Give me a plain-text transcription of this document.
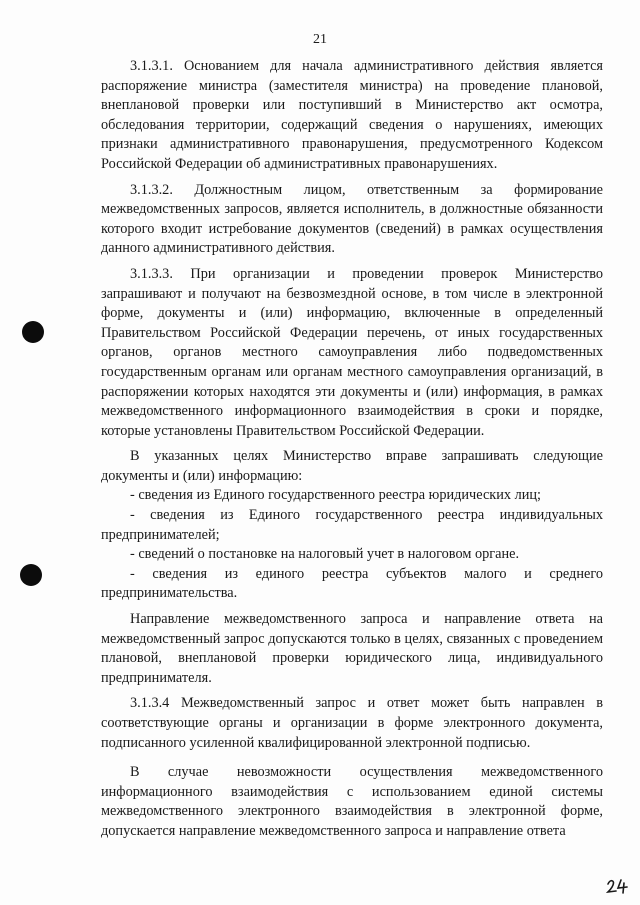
21

3.1.3.1. Основанием для начала административного действия является распоряжение министра (заместителя министра) на проведение плановой, внеплановой проверки или поступивший в Министерство акт осмотра, обследования территории, содержащий сведения о нарушениях, имеющих признаки административного правонарушения, предусмотренного Кодексом Российской Федерации об административных правонарушениях.

3.1.3.2. Должностным лицом, ответственным за формирование межведомственных запросов, является исполнитель, в должностные обязанности которого входит истребование документов (сведений) в рамках осуществления данного административного действия.

3.1.3.3. При организации и проведении проверок Министерство запрашивают и получают на безвозмездной основе, в том числе в электронной форме, документы и (или) информацию, включенные в определенный Правительством Российской Федерации перечень, от иных государственных органов, органов местного самоуправления либо подведомственных государственным органам или органам местного самоуправления организаций, в распоряжении которых находятся эти документы и (или) информация, в рамках межведомственного информационного взаимодействия в сроки и порядке, которые установлены Правительством Российской Федерации.

В указанных целях Министерство вправе запрашивать следующие документы и (или) информацию:

- сведения из Единого государственного реестра юридических лиц;

- сведения из Единого государственного реестра индивидуальных предпринимателей;

- сведений о постановке на налоговый учет в налоговом органе.

- сведения из единого реестра субъектов малого и среднего предпринимательства.

Направление межведомственного запроса и направление ответа на межведомственный запрос допускаются только в целях, связанных с проведением плановой, внеплановой проверки юридического лица, индивидуального предпринимателя.

3.1.3.4 Межведомственный запрос и ответ может быть направлен в соответствующие органы и организации в форме электронного документа, подписанного усиленной квалифицированной электронной подписью.

В случае невозможности осуществления межведомственного информационного взаимодействия с использованием единой системы межведомственного электронного взаимодействия в электронной форме, допускается направление межведомственного запроса и направление ответа
